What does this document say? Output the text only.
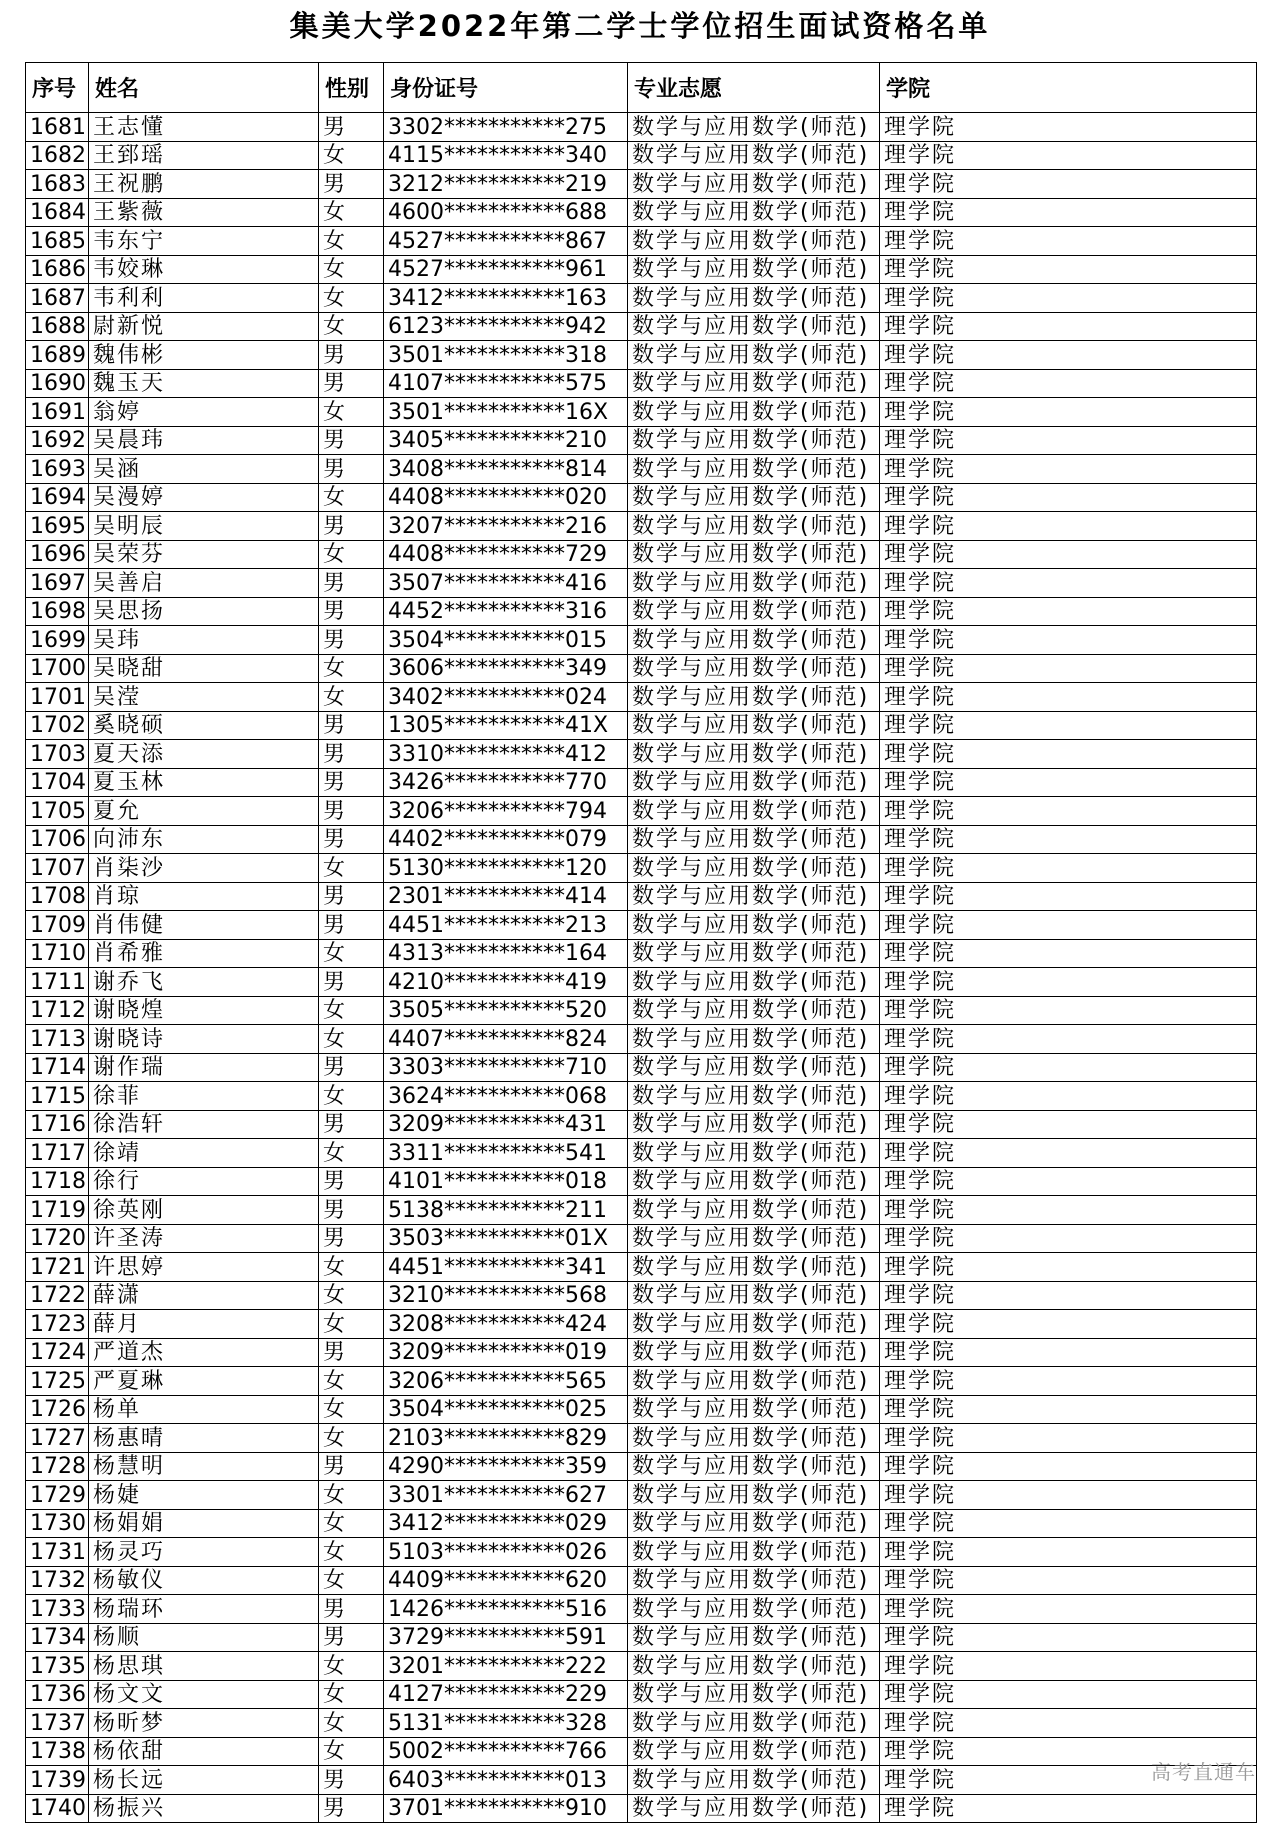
集美大学2022年第二学士学位招生面试资格名单
序号	姓名	性别	身份证号	专业志愿	学院
1681	王志懂	男	3302***********275	数学与应用数学(师范)	理学院
1682	王郅瑶	女	4115***********340	数学与应用数学(师范)	理学院
1683	王祝鹏	男	3212***********219	数学与应用数学(师范)	理学院
1684	王紫薇	女	4600***********688	数学与应用数学(师范)	理学院
1685	韦东宁	女	4527***********867	数学与应用数学(师范)	理学院
1686	韦姣琳	女	4527***********961	数学与应用数学(师范)	理学院
1687	韦利利	女	3412***********163	数学与应用数学(师范)	理学院
1688	尉新悦	女	6123***********942	数学与应用数学(师范)	理学院
1689	魏伟彬	男	3501***********318	数学与应用数学(师范)	理学院
1690	魏玉天	男	4107***********575	数学与应用数学(师范)	理学院
1691	翁婷	女	3501***********16X	数学与应用数学(师范)	理学院
1692	吴晨玮	男	3405***********210	数学与应用数学(师范)	理学院
1693	吴涵	男	3408***********814	数学与应用数学(师范)	理学院
1694	吴漫婷	女	4408***********020	数学与应用数学(师范)	理学院
1695	吴明辰	男	3207***********216	数学与应用数学(师范)	理学院
1696	吴荣芬	女	4408***********729	数学与应用数学(师范)	理学院
1697	吴善启	男	3507***********416	数学与应用数学(师范)	理学院
1698	吴思扬	男	4452***********316	数学与应用数学(师范)	理学院
1699	吴玮	男	3504***********015	数学与应用数学(师范)	理学院
1700	吴晓甜	女	3606***********349	数学与应用数学(师范)	理学院
1701	吴滢	女	3402***********024	数学与应用数学(师范)	理学院
1702	奚晓硕	男	1305***********41X	数学与应用数学(师范)	理学院
1703	夏天添	男	3310***********412	数学与应用数学(师范)	理学院
1704	夏玉林	男	3426***********770	数学与应用数学(师范)	理学院
1705	夏允	男	3206***********794	数学与应用数学(师范)	理学院
1706	向沛东	男	4402***********079	数学与应用数学(师范)	理学院
1707	肖柒沙	女	5130***********120	数学与应用数学(师范)	理学院
1708	肖琼	男	2301***********414	数学与应用数学(师范)	理学院
1709	肖伟健	男	4451***********213	数学与应用数学(师范)	理学院
1710	肖希雅	女	4313***********164	数学与应用数学(师范)	理学院
1711	谢乔飞	男	4210***********419	数学与应用数学(师范)	理学院
1712	谢晓煌	女	3505***********520	数学与应用数学(师范)	理学院
1713	谢晓诗	女	4407***********824	数学与应用数学(师范)	理学院
1714	谢作瑞	男	3303***********710	数学与应用数学(师范)	理学院
1715	徐菲	女	3624***********068	数学与应用数学(师范)	理学院
1716	徐浩轩	男	3209***********431	数学与应用数学(师范)	理学院
1717	徐靖	女	3311***********541	数学与应用数学(师范)	理学院
1718	徐行	男	4101***********018	数学与应用数学(师范)	理学院
1719	徐英刚	男	5138***********211	数学与应用数学(师范)	理学院
1720	许圣涛	男	3503***********01X	数学与应用数学(师范)	理学院
1721	许思婷	女	4451***********341	数学与应用数学(师范)	理学院
1722	薛潇	女	3210***********568	数学与应用数学(师范)	理学院
1723	薛月	女	3208***********424	数学与应用数学(师范)	理学院
1724	严道杰	男	3209***********019	数学与应用数学(师范)	理学院
1725	严夏琳	女	3206***********565	数学与应用数学(师范)	理学院
1726	杨单	女	3504***********025	数学与应用数学(师范)	理学院
1727	杨惠晴	女	2103***********829	数学与应用数学(师范)	理学院
1728	杨慧明	男	4290***********359	数学与应用数学(师范)	理学院
1729	杨婕	女	3301***********627	数学与应用数学(师范)	理学院
1730	杨娟娟	女	3412***********029	数学与应用数学(师范)	理学院
1731	杨灵巧	女	5103***********026	数学与应用数学(师范)	理学院
1732	杨敏仪	女	4409***********620	数学与应用数学(师范)	理学院
1733	杨瑞环	男	1426***********516	数学与应用数学(师范)	理学院
1734	杨顺	男	3729***********591	数学与应用数学(师范)	理学院
1735	杨思琪	女	3201***********222	数学与应用数学(师范)	理学院
1736	杨文文	女	4127***********229	数学与应用数学(师范)	理学院
1737	杨昕梦	女	5131***********328	数学与应用数学(师范)	理学院
1738	杨依甜	女	5002***********766	数学与应用数学(师范)	理学院
1739	杨长远	男	6403***********013	数学与应用数学(师范)	理学院
1740	杨振兴	男	3701***********910	数学与应用数学(师范)	理学院
高考直通车
